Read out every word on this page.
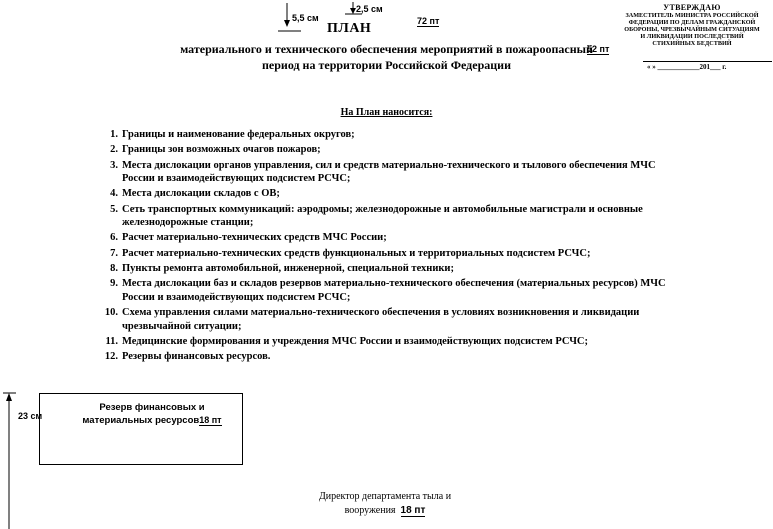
5,5 см
2,5 см
72 пт
52 пт
УТВЕРЖДАЮ
ЗАМЕСТИТЕЛЬ МИНИСТРА РОССИЙСКОЙ
ФЕДЕРАЦИИ ПО ДЕЛАМ ГРАЖДАНСКОЙ
ОБОРОНЫ, ЧРЕЗВЫЧАЙНЫМ СИТУАЦИЯМ
И ЛИКВИДАЦИИ ПОСЛЕДСТВИЙ
СТИХИЙНЫХ БЕДСТВИЙ
« » ____________201___ г.
ПЛАН
материального и технического обеспечения мероприятий в пожароопасный
период на территории Российской Федерации
На План наносится:
1. Границы и наименование федеральных округов;
2. Границы зон возможных очагов пожаров;
3. Места дислокации органов управления, сил и средств материально-технического и тылового обеспечения МЧС России и взаимодействующих подсистем РСЧС;
4. Места дислокации складов с ОВ;
5. Сеть транспортных коммуникаций: аэродромы; железнодорожные и автомобильные магистрали и основные железнодорожные станции;
6. Расчет материально-технических средств МЧС России;
7. Расчет материально-технических средств функциональных и территориальных подсистем РСЧС;
8. Пункты ремонта автомобильной, инженерной, специальной техники;
9. Места дислокации баз и складов резервов материально-технического обеспечения (материальных ресурсов) МЧС России и взаимодействующих подсистем РСЧС;
10. Схема управления силами материально-технического обеспечения в условиях возникновения и ликвидации чрезвычайной ситуации;
11. Медицинские формирования и учреждения МЧС России и взаимодействующих подсистем РСЧС;
12. Резервы финансовых ресурсов.
23 см
Резерв финансовых и
материальных ресурсов18 пт
Директор департамента тыла и
вооружения 18 пт
